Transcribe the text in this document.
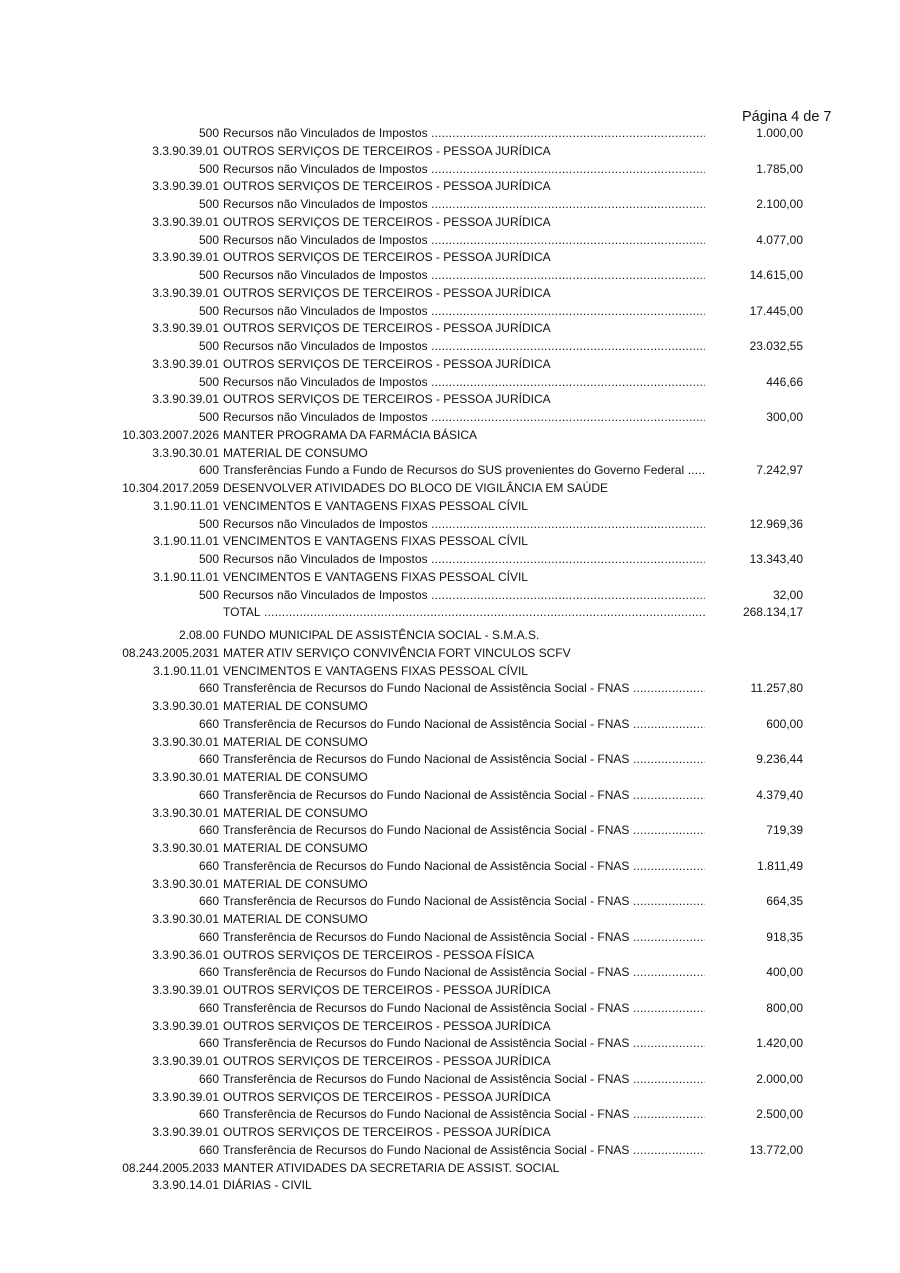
Página 4 de 7
500 Recursos não Vinculados de Impostos .....	1.000,00
3.3.90.39.01 OUTROS SERVIÇOS DE TERCEIROS - PESSOA JURÍDICA
500 Recursos não Vinculados de Impostos .....	1.785,00
3.3.90.39.01 OUTROS SERVIÇOS DE TERCEIROS - PESSOA JURÍDICA
500 Recursos não Vinculados de Impostos .....	2.100,00
3.3.90.39.01 OUTROS SERVIÇOS DE TERCEIROS - PESSOA JURÍDICA
500 Recursos não Vinculados de Impostos .....	4.077,00
3.3.90.39.01 OUTROS SERVIÇOS DE TERCEIROS - PESSOA JURÍDICA
500 Recursos não Vinculados de Impostos .....	14.615,00
3.3.90.39.01 OUTROS SERVIÇOS DE TERCEIROS - PESSOA JURÍDICA
500 Recursos não Vinculados de Impostos .....	17.445,00
3.3.90.39.01 OUTROS SERVIÇOS DE TERCEIROS - PESSOA JURÍDICA
500 Recursos não Vinculados de Impostos .....	23.032,55
3.3.90.39.01 OUTROS SERVIÇOS DE TERCEIROS - PESSOA JURÍDICA
500 Recursos não Vinculados de Impostos .....	446,66
3.3.90.39.01 OUTROS SERVIÇOS DE TERCEIROS - PESSOA JURÍDICA
500 Recursos não Vinculados de Impostos .....	300,00
10.303.2007.2026 MANTER PROGRAMA DA FARMÁCIA BÁSICA
3.3.90.30.01 MATERIAL DE CONSUMO
600 Transferências Fundo a Fundo de Recursos do SUS provenientes do Governo Federal .....	7.242,97
10.304.2017.2059 DESENVOLVER ATIVIDADES DO BLOCO DE VIGILÂNCIA EM SAÚDE
3.1.90.11.01 VENCIMENTOS E VANTAGENS FIXAS PESSOAL CÍVIL
500 Recursos não Vinculados de Impostos .....	12.969,36
3.1.90.11.01 VENCIMENTOS E VANTAGENS FIXAS PESSOAL CÍVIL
500 Recursos não Vinculados de Impostos .....	13.343,40
3.1.90.11.01 VENCIMENTOS E VANTAGENS FIXAS PESSOAL CÍVIL
500 Recursos não Vinculados de Impostos .....	32,00
TOTAL .....	268.134,17
2.08.00 FUNDO MUNICIPAL DE ASSISTÊNCIA SOCIAL - S.M.A.S.
08.243.2005.2031 MATER ATIV SERVIÇO CONVIVÊNCIA FORT VINCULOS SCFV
3.1.90.11.01 VENCIMENTOS E VANTAGENS FIXAS PESSOAL CÍVIL
660 Transferência de Recursos do Fundo Nacional de Assistência Social - FNAS .....	11.257,80
3.3.90.30.01 MATERIAL DE CONSUMO
660 Transferência de Recursos do Fundo Nacional de Assistência Social - FNAS .....	600,00
3.3.90.30.01 MATERIAL DE CONSUMO
660 Transferência de Recursos do Fundo Nacional de Assistência Social - FNAS .....	9.236,44
3.3.90.30.01 MATERIAL DE CONSUMO
660 Transferência de Recursos do Fundo Nacional de Assistência Social - FNAS .....	4.379,40
3.3.90.30.01 MATERIAL DE CONSUMO
660 Transferência de Recursos do Fundo Nacional de Assistência Social - FNAS .....	719,39
3.3.90.30.01 MATERIAL DE CONSUMO
660 Transferência de Recursos do Fundo Nacional de Assistência Social - FNAS .....	1.811,49
3.3.90.30.01 MATERIAL DE CONSUMO
660 Transferência de Recursos do Fundo Nacional de Assistência Social - FNAS .....	664,35
3.3.90.30.01 MATERIAL DE CONSUMO
660 Transferência de Recursos do Fundo Nacional de Assistência Social - FNAS .....	918,35
3.3.90.36.01 OUTROS SERVIÇOS DE TERCEIROS - PESSOA FÍSICA
660 Transferência de Recursos do Fundo Nacional de Assistência Social - FNAS .....	400,00
3.3.90.39.01 OUTROS SERVIÇOS DE TERCEIROS - PESSOA JURÍDICA
660 Transferência de Recursos do Fundo Nacional de Assistência Social - FNAS .....	800,00
3.3.90.39.01 OUTROS SERVIÇOS DE TERCEIROS - PESSOA JURÍDICA
660 Transferência de Recursos do Fundo Nacional de Assistência Social - FNAS .....	1.420,00
3.3.90.39.01 OUTROS SERVIÇOS DE TERCEIROS - PESSOA JURÍDICA
660 Transferência de Recursos do Fundo Nacional de Assistência Social - FNAS .....	2.000,00
3.3.90.39.01 OUTROS SERVIÇOS DE TERCEIROS - PESSOA JURÍDICA
660 Transferência de Recursos do Fundo Nacional de Assistência Social - FNAS .....	2.500,00
3.3.90.39.01 OUTROS SERVIÇOS DE TERCEIROS - PESSOA JURÍDICA
660 Transferência de Recursos do Fundo Nacional de Assistência Social - FNAS .....	13.772,00
08.244.2005.2033 MANTER ATIVIDADES DA SECRETARIA DE ASSIST. SOCIAL
3.3.90.14.01 DIÁRIAS - CIVIL
